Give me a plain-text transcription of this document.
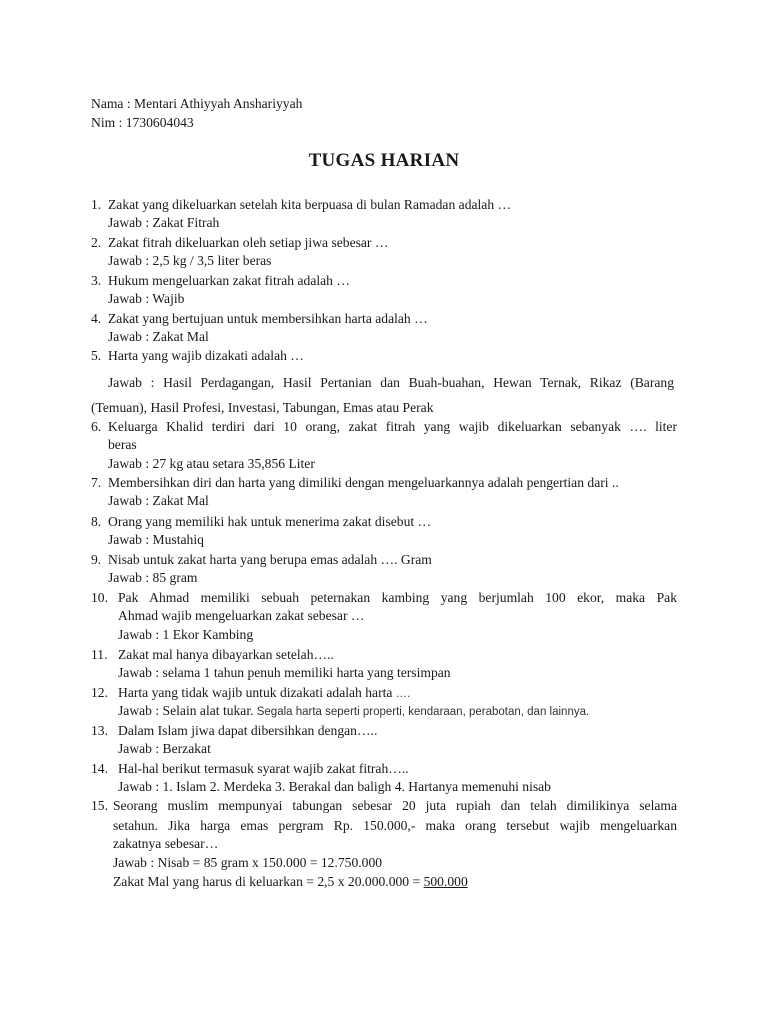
Nama : Mentari Athiyyah Anshariyyah
Nim : 1730604043
TUGAS HARIAN
1. Zakat yang dikeluarkan setelah kita berpuasa di bulan Ramadan adalah …
Jawab : Zakat Fitrah
2. Zakat fitrah dikeluarkan oleh setiap jiwa sebesar …
Jawab : 2,5 kg / 3,5 liter beras
3. Hukum mengeluarkan zakat fitrah adalah …
Jawab : Wajib
4. Zakat yang bertujuan untuk membersihkan harta adalah …
Jawab : Zakat Mal
5. Harta yang wajib dizakati adalah …
Jawab : Hasil Perdagangan, Hasil Pertanian dan Buah-buahan, Hewan Ternak, Rikaz (Barang
(Temuan), Hasil Profesi, Investasi, Tabungan, Emas atau Perak
6. Keluarga Khalid terdiri dari 10 orang, zakat fitrah yang wajib dikeluarkan sebanyak …. liter
beras
Jawab : 27 kg atau setara 35,856 Liter
7. Membersihkan diri dan harta yang dimiliki dengan mengeluarkannya adalah pengertian dari ..
Jawab : Zakat Mal
8. Orang yang memiliki hak untuk menerima zakat disebut …
Jawab : Mustahiq
9. Nisab untuk zakat harta yang berupa emas adalah …. Gram
Jawab : 85 gram
10. Pak Ahmad memiliki sebuah peternakan kambing yang berjumlah 100 ekor, maka Pak
Ahmad wajib mengeluarkan zakat sebesar …
Jawab : 1 Ekor Kambing
11. Zakat mal hanya dibayarkan setelah…..
Jawab : selama 1 tahun penuh memiliki harta yang tersimpan
12. Harta yang tidak wajib untuk dizakati adalah harta ….
Jawab : Selain alat tukar. Segala harta seperti properti, kendaraan, perabotan, dan lainnya.
13. Dalam Islam jiwa dapat dibersihkan dengan…..
Jawab : Berzakat
14. Hal-hal berikut termasuk syarat wajib zakat fitrah…..
Jawab : 1. Islam 2. Merdeka 3. Berakal dan baligh 4. Hartanya memenuhi nisab
15. Seorang muslim mempunyai tabungan sebesar 20 juta rupiah dan telah dimilikinya selama
setahun. Jika harga emas pergram Rp. 150.000,- maka orang tersebut wajib mengeluarkan
zakatnya sebesar…
Jawab : Nisab = 85 gram x 150.000 = 12.750.000
Zakat Mal yang harus di keluarkan = 2,5 x 20.000.000 = 500.000
